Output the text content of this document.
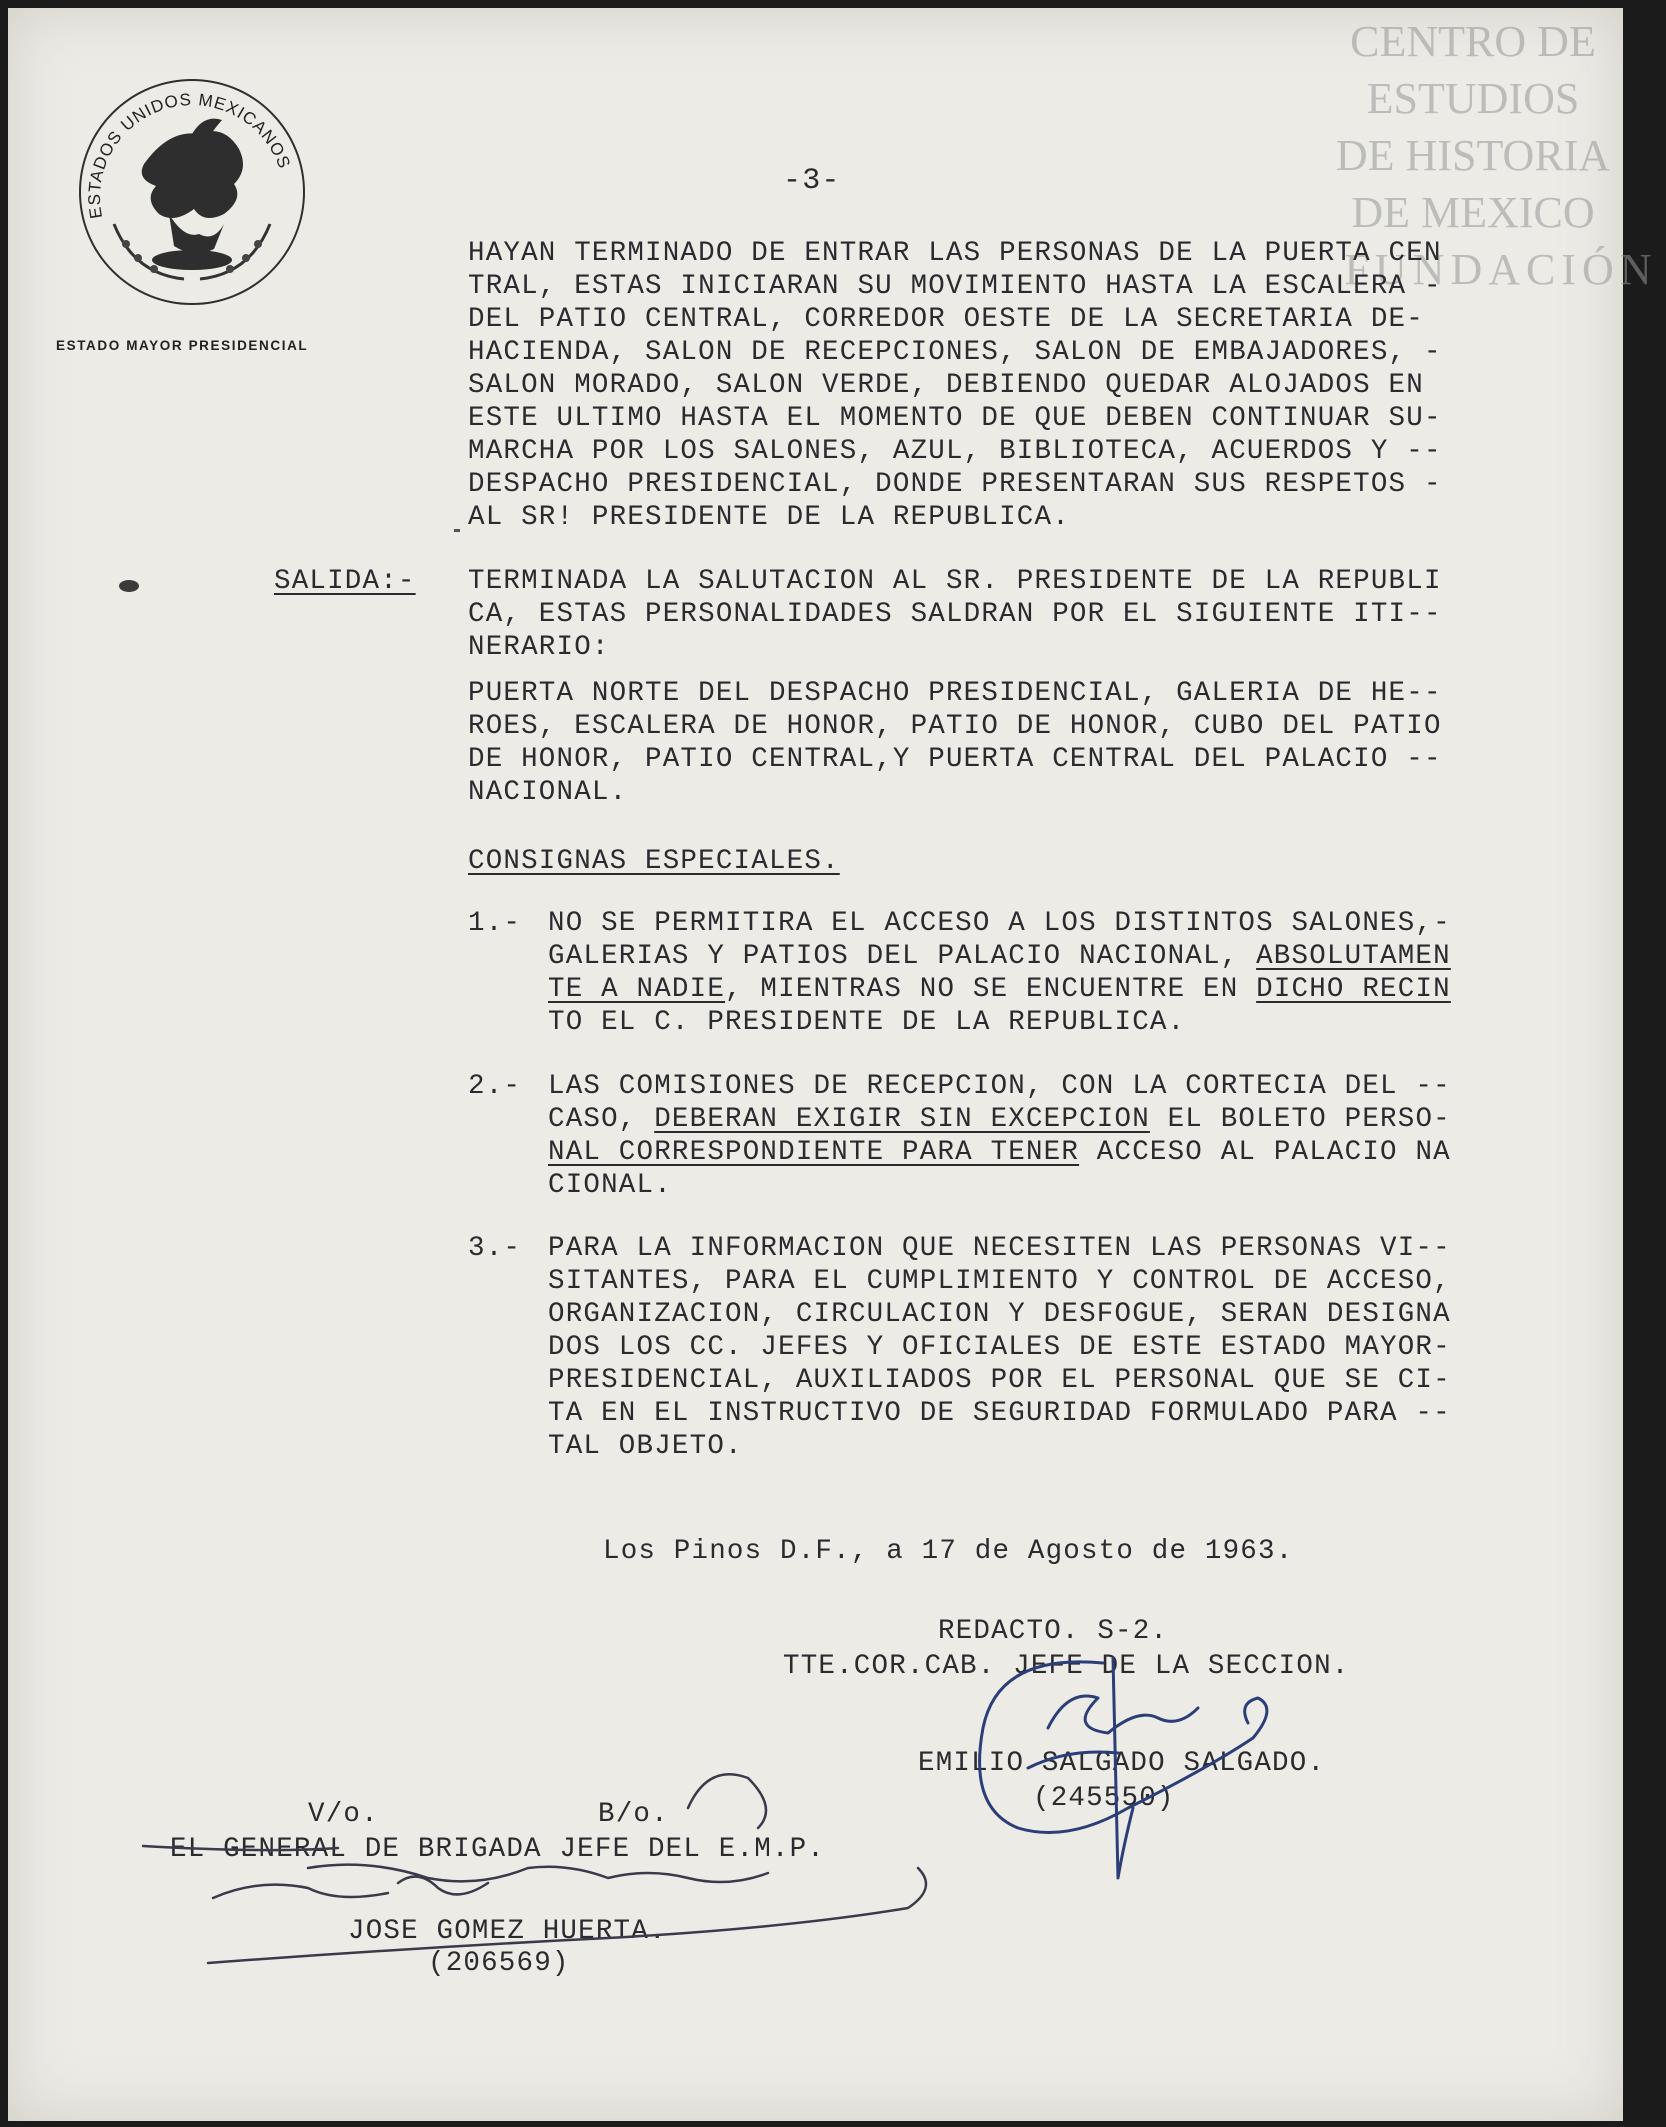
CENTRO DE
ESTUDIOS
DE HISTORIA
DE MEXICO
FUNDACIÓN
ESTADOS UNIDOS MEXICANOS
ESTADO MAYOR PRESIDENCIAL
-3-
HAYAN TERMINADO DE ENTRAR LAS PERSONAS DE LA PUERTA CEN
TRAL, ESTAS INICIARAN SU MOVIMIENTO HASTA LA ESCALERA -
DEL PATIO CENTRAL, CORREDOR OESTE DE LA SECRETARIA DE-
HACIENDA, SALON DE RECEPCIONES, SALON DE EMBAJADORES, -
SALON MORADO, SALON VERDE, DEBIENDO QUEDAR ALOJADOS EN
ESTE ULTIMO HASTA EL MOMENTO DE QUE DEBEN CONTINUAR SU-
MARCHA POR LOS SALONES, AZUL, BIBLIOTECA, ACUERDOS Y --
DESPACHO PRESIDENCIAL, DONDE PRESENTARAN SUS RESPETOS -
AL SR! PRESIDENTE DE LA REPUBLICA.
SALIDA:- TERMINADA LA SALUTACION AL SR. PRESIDENTE DE LA REPUBLI
CA, ESTAS PERSONALIDADES SALDRAN POR EL SIGUIENTE ITI--
NERARIO:
PUERTA NORTE DEL DESPACHO PRESIDENCIAL, GALERIA DE HE--
ROES, ESCALERA DE HONOR, PATIO DE HONOR, CUBO DEL PATIO
DE HONOR, PATIO CENTRAL,Y PUERTA CENTRAL DEL PALACIO --
NACIONAL.
CONSIGNAS ESPECIALES.
1.- NO SE PERMITIRA EL ACCESO A LOS DISTINTOS SALONES,-
GALERIAS Y PATIOS DEL PALACIO NACIONAL, ABSOLUTAMEN
TE A NADIE, MIENTRAS NO SE ENCUENTRE EN DICHO RECIN
TO EL C. PRESIDENTE DE LA REPUBLICA.
2.- LAS COMISIONES DE RECEPCION, CON LA CORTECIA DEL --
CASO, DEBERAN EXIGIR SIN EXCEPCION EL BOLETO PERSO-
NAL CORRESPONDIENTE PARA TENER ACCESO AL PALACIO NA
CIONAL.
3.- PARA LA INFORMACION QUE NECESITEN LAS PERSONAS VI--
SITANTES, PARA EL CUMPLIMIENTO Y CONTROL DE ACCESO,
ORGANIZACION, CIRCULACION Y DESFOGUE, SERAN DESIGNA
DOS LOS CC. JEFES Y OFICIALES DE ESTE ESTADO MAYOR-
PRESIDENCIAL, AUXILIADOS POR EL PERSONAL QUE SE CI-
TA EN EL INSTRUCTIVO DE SEGURIDAD FORMULADO PARA --
TAL OBJETO.
Los Pinos D.F., a 17 de Agosto de 1963.
REDACTO. S-2.
TTE.COR.CAB. JEFE DE LA SECCION.
EMILIO SALGADO SALGADO.
(245550)
V/o.	B/o.
EL GENERAL DE BRIGADA JEFE DEL E.M.P.
JOSE GOMEZ HUERTA.
(206569)
